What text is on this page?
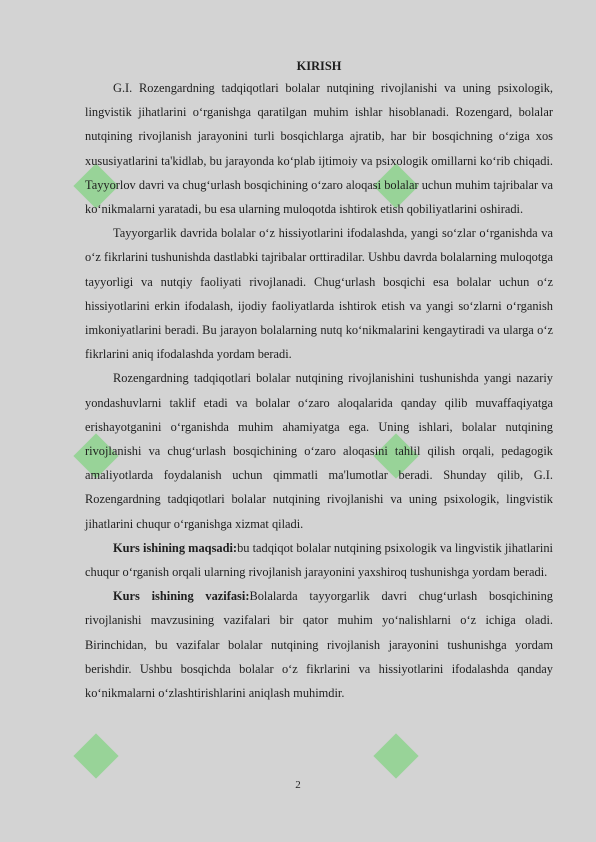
KIRISH

G.I. Rozengardning tadqiqotlari bolalar nutqining rivojlanishi va uning psixologik, lingvistik jihatlarini o‘rganishga qaratilgan muhim ishlar hisoblanadi. Rozengard, bolalar nutqining rivojlanish jarayonini turli bosqichlarga ajratib, har bir bosqichning o‘ziga xos xususiyatlarini ta'kidlab, bu jarayonda ko‘plab ijtimoiy va psixologik omillarni ko‘rib chiqadi. Tayyorlov davri va chug‘urlash bosqichining o‘zaro aloqasi bolalar uchun muhim tajribalar va ko‘nikmalarni yaratadi, bu esa ularning muloqotda ishtirok etish qobiliyatlarini oshiradi.

Tayyorgarlik davrida bolalar o‘z hissiyotlarini ifodalashda, yangi so‘zlar o‘rganishda va o‘z fikrlarini tushunishda dastlabki tajribalar orttiradilar. Ushbu davrda bolalarning muloqotga tayyorligi va nutqiy faoliyati rivojlanadi. Chug‘urlash bosqichi esa bolalar uchun o‘z hissiyotlarini erkin ifodalash, ijodiy faoliyatlarda ishtirok etish va yangi so‘zlarni o‘rganish imkoniyatlarini beradi. Bu jarayon bolalarning nutq ko‘nikmalarini kengaytiradi va ularga o‘z fikrlarini aniq ifodalashda yordam beradi.

Rozengardning tadqiqotlari bolalar nutqining rivojlanishini tushunishda yangi nazariy yondashuvlarni taklif etadi va bolalar o‘zaro aloqalarida qanday qilib muvaffaqiyatga erishayotganini o‘rganishda muhim ahamiyatga ega. Uning ishlari, bolalar nutqining rivojlanishi va chug‘urlash bosqichining o‘zaro aloqasini tahlil qilish orqali, pedagogik amaliyotlarda foydalanish uchun qimmatli ma'lumotlar beradi. Shunday qilib, G.I. Rozengardning tadqiqotlari bolalar nutqining rivojlanishi va uning psixologik, lingvistik jihatlarini chuqur o‘rganishga xizmat qiladi.

Kurs ishining maqsadi:bu tadqiqot bolalar nutqining psixologik va lingvistik jihatlarini chuqur o‘rganish orqali ularning rivojlanish jarayonini yaxshiroq tushunishga yordam beradi.

Kurs ishining vazifasi:Bolalarda tayyorgarlik davri chug‘urlash bosqichining rivojlanishi mavzusining vazifalari bir qator muhim yo‘nalishlarni o‘z ichiga oladi. Birinchidan, bu vazifalar bolalar nutqining rivojlanish jarayonini tushunishga yordam berishdir. Ushbu bosqichda bolalar o‘z fikrlarini va hissiyotlarini ifodalashda qanday ko‘nikmalarni o‘zlashtirishlarini aniqlash muhimdir.

2
